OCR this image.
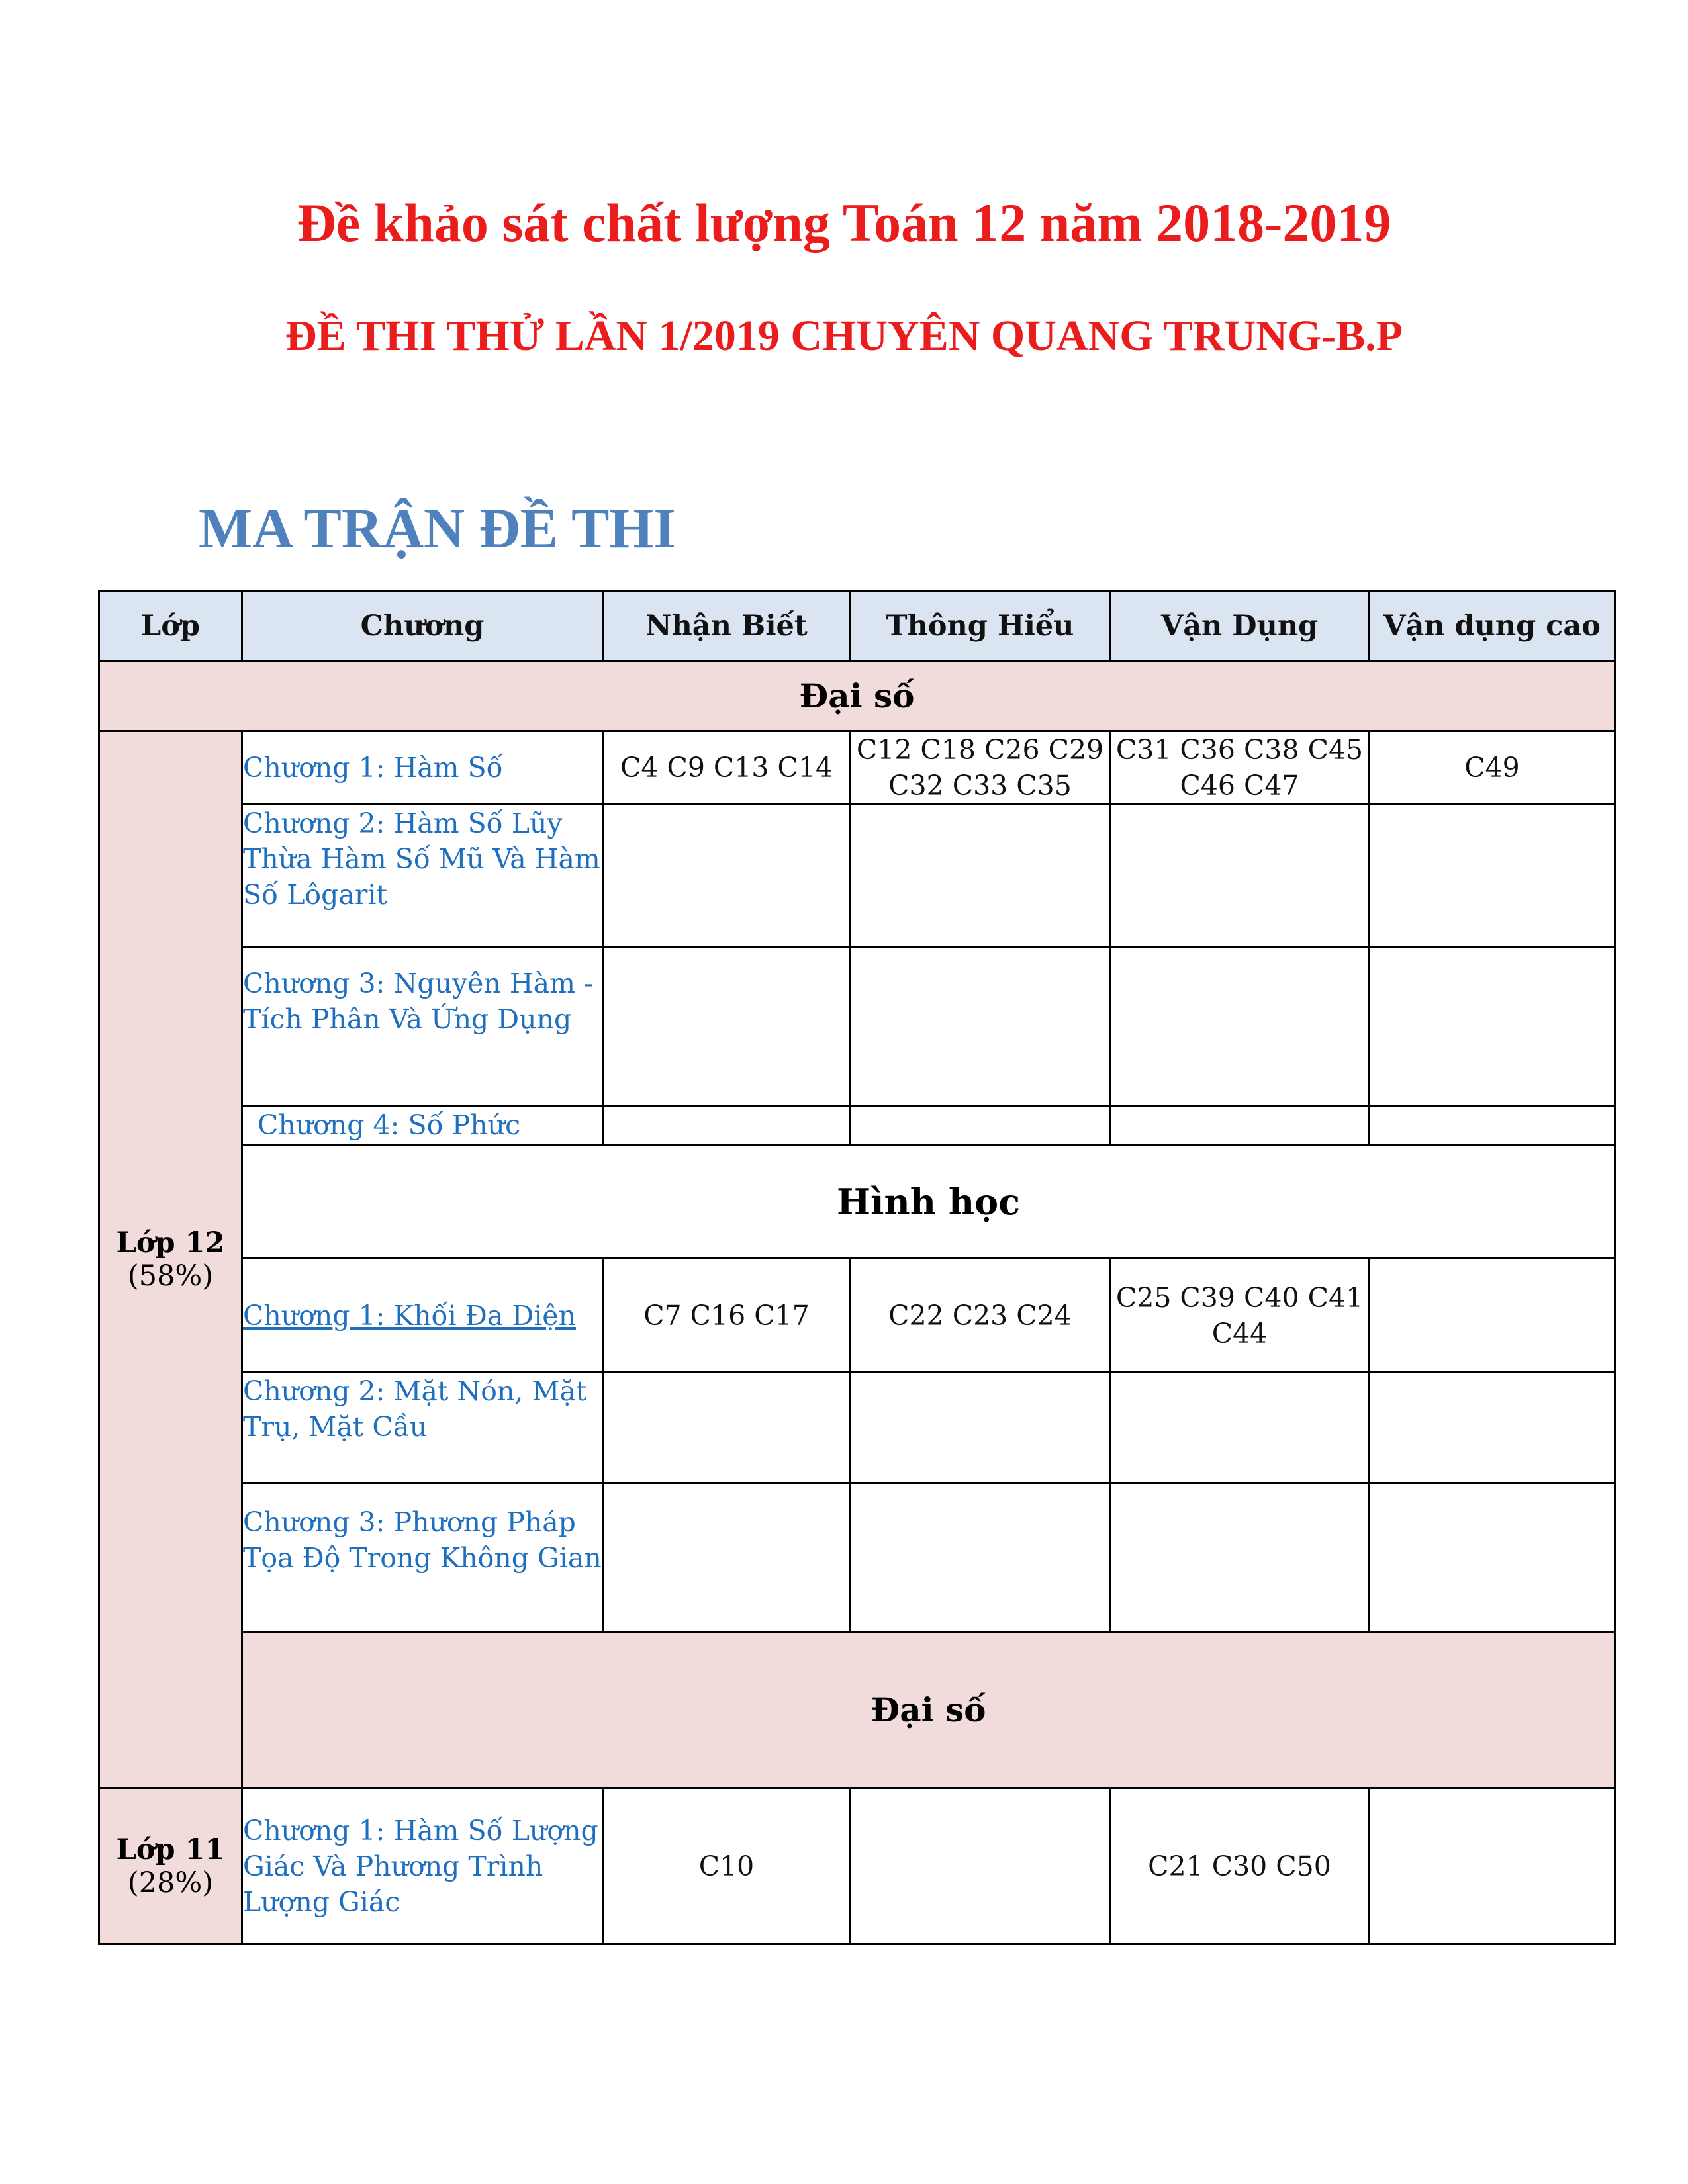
Đề khảo sát chất lượng Toán 12 năm 2018-2019
ĐỀ THI THỬ LẦN 1/2019 CHUYÊN QUANG TRUNG-B.P
MA TRẬN ĐỀ THI
Lớp	Chương	Nhận Biết	Thông Hiểu	Vận Dụng	Vận dụng cao
Đại số					

Lớp 12
(58%)	Chương 1: Hàm Số	C4 C9 C13 C14	C12 C18 C26 C29 C32 C33 C35	C31 C36 C38 C45 C46 C47	C49
	Chương 2: Hàm Số Lũy Thừa Hàm Số Mũ Và Hàm Số Lôgarit				
	Chương 3: Nguyên Hàm - Tích Phân Và Ứng Dụng				
	Chương 4: Số Phức				
	Hình học				
	Chương 1: Khối Đa Diện	C7 C16 C17	C22 C23 C24	C25 C39 C40 C41 C44	
	Chương 2: Mặt Nón, Mặt Trụ, Mặt Cầu				
	Chương 3: Phương Pháp Tọa Độ Trong Không Gian				
	Đại số				

Lớp 11
(28%)	Chương 1: Hàm Số Lượng Giác Và Phương Trình Lượng Giác	C10		C21 C30 C50	
